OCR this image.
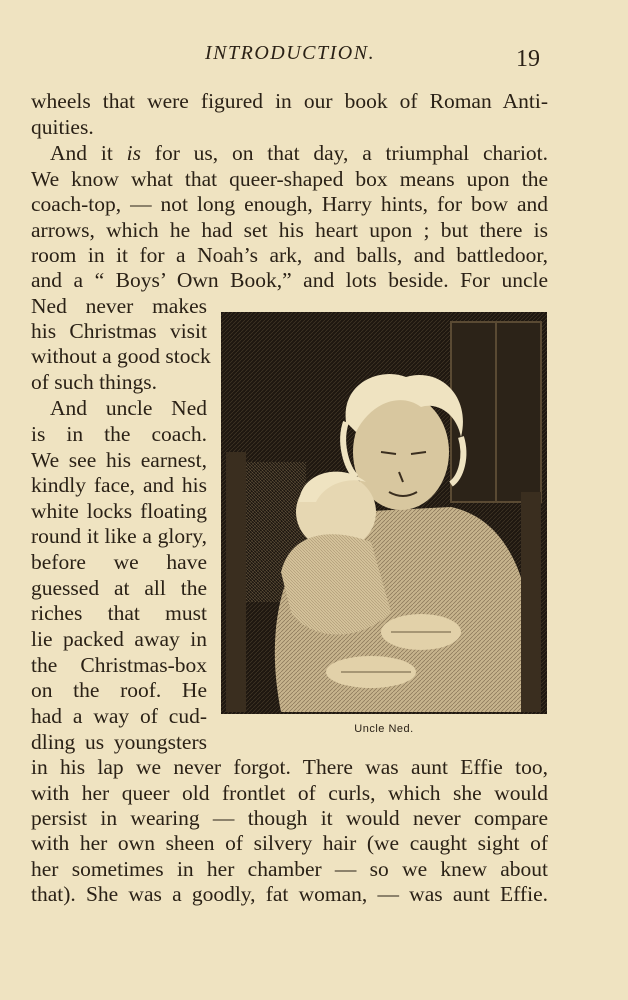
INTRODUCTION.	19
wheels that were figured in our book of Roman Anti-
quities.
And it is for us, on that day, a triumphal chariot.
We know what that queer-shaped box means upon the
coach-top, — not long enough, Harry hints, for bow and
arrows, which he had set his heart upon ; but there is
room in it for a Noah’s ark, and balls, and battledoor,
and a “ Boys’ Own Book,” and lots beside. For uncle
Ned never makes
his Christmas visit
without a good stock
of such things.
And uncle Ned
is in the coach.
We see his earnest,
kindly face, and his
white locks floating
round it like a glory,
before we have
guessed at all the
riches that must
lie packed away in
the Christmas-box
on the roof. He
had a way of cud-
dling us youngsters
in his lap we never forgot. There was aunt Effie too,
with her queer old frontlet of curls, which she would
persist in wearing — though it would never compare
with her own sheen of silvery hair (we caught sight of
her sometimes in her chamber — so we knew about
that). She was a goodly, fat woman, — was aunt Effie.
Uncle Ned.
